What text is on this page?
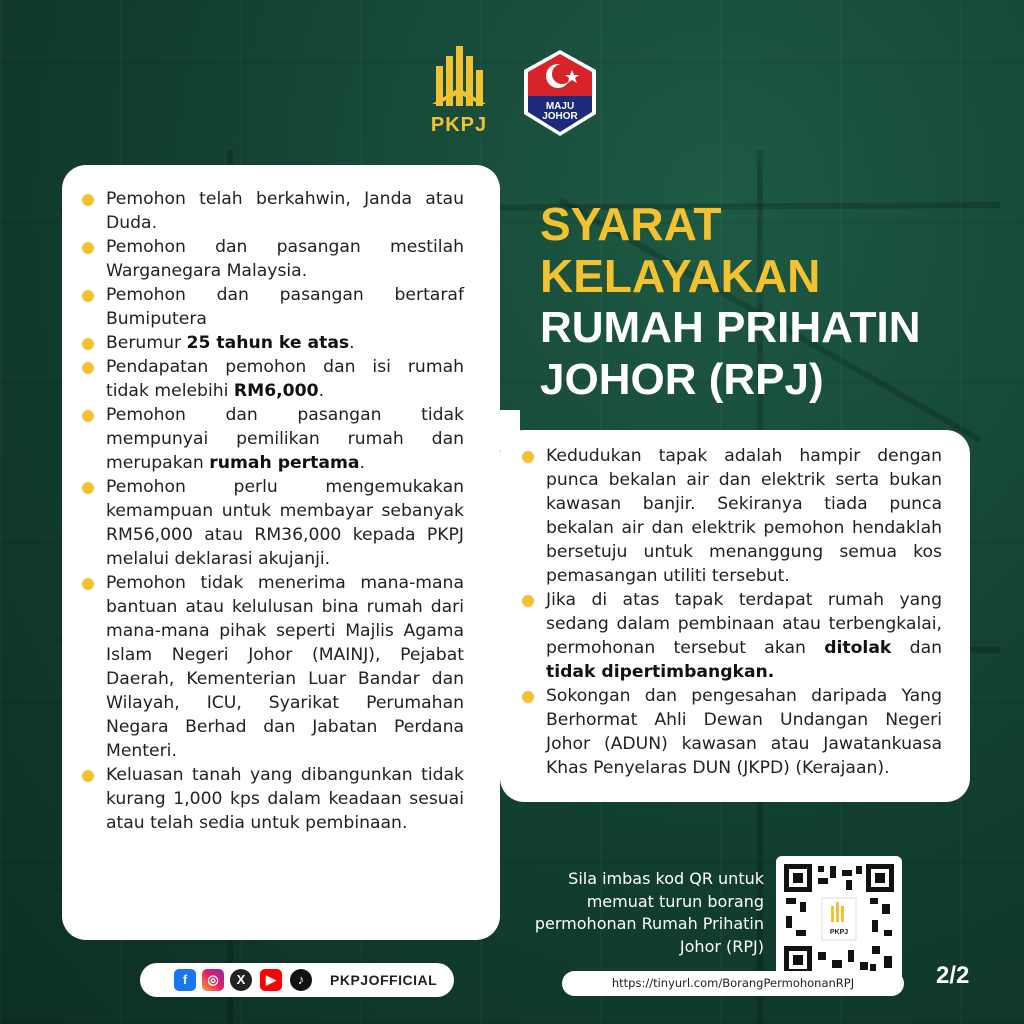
PKPJ
MAJU
JOHOR
Pemohon telah berkahwin, Janda atau Duda.
Pemohon dan pasangan mestilah Warganegara Malaysia.
Pemohon dan pasangan bertaraf Bumiputera
Berumur 25 tahun ke atas.
Pendapatan pemohon dan isi rumah tidak melebihi RM6,000.
Pemohon dan pasangan tidak mempunyai pemilikan rumah dan merupakan rumah pertama.
Pemohon perlu mengemukakan kemampuan untuk membayar sebanyak RM56,000 atau RM36,000 kepada PKPJ melalui deklarasi akujanji.
Pemohon tidak menerima mana-mana bantuan atau kelulusan bina rumah dari mana-mana pihak seperti Majlis Agama Islam Negeri Johor (MAINJ), Pejabat Daerah, Kementerian Luar Bandar dan Wilayah, ICU, Syarikat Perumahan Negara Berhad dan Jabatan Perdana Menteri.
Keluasan tanah yang dibangunkan tidak kurang 1,000 kps dalam keadaan sesuai atau telah sedia untuk pembinaan.
Kedudukan tapak adalah hampir dengan punca bekalan air dan elektrik serta bukan kawasan banjir. Sekiranya tiada punca bekalan air dan elektrik pemohon hendaklah bersetuju untuk menanggung semua kos pemasangan utiliti tersebut.
Jika di atas tapak terdapat rumah yang sedang dalam pembinaan atau terbengkalai, permohonan tersebut akan ditolak dan tidak dipertimbangkan.
Sokongan dan pengesahan daripada Yang Berhormat Ahli Dewan Undangan Negeri Johor (ADUN) kawasan atau Jawatankuasa Khas Penyelaras DUN (JKPD) (Kerajaan).
SYARAT
KELAYAKAN
RUMAH PRIHATIN
JOHOR (RPJ)
Sila imbas kod QR untuk memuat turun borang permohonan Rumah Prihatin Johor (RPJ)
PKPJ
https://tinyurl.com/BorangPermohonanRPJ	2/2
f	◎	X	▶	♪	PKPJOFFICIAL
